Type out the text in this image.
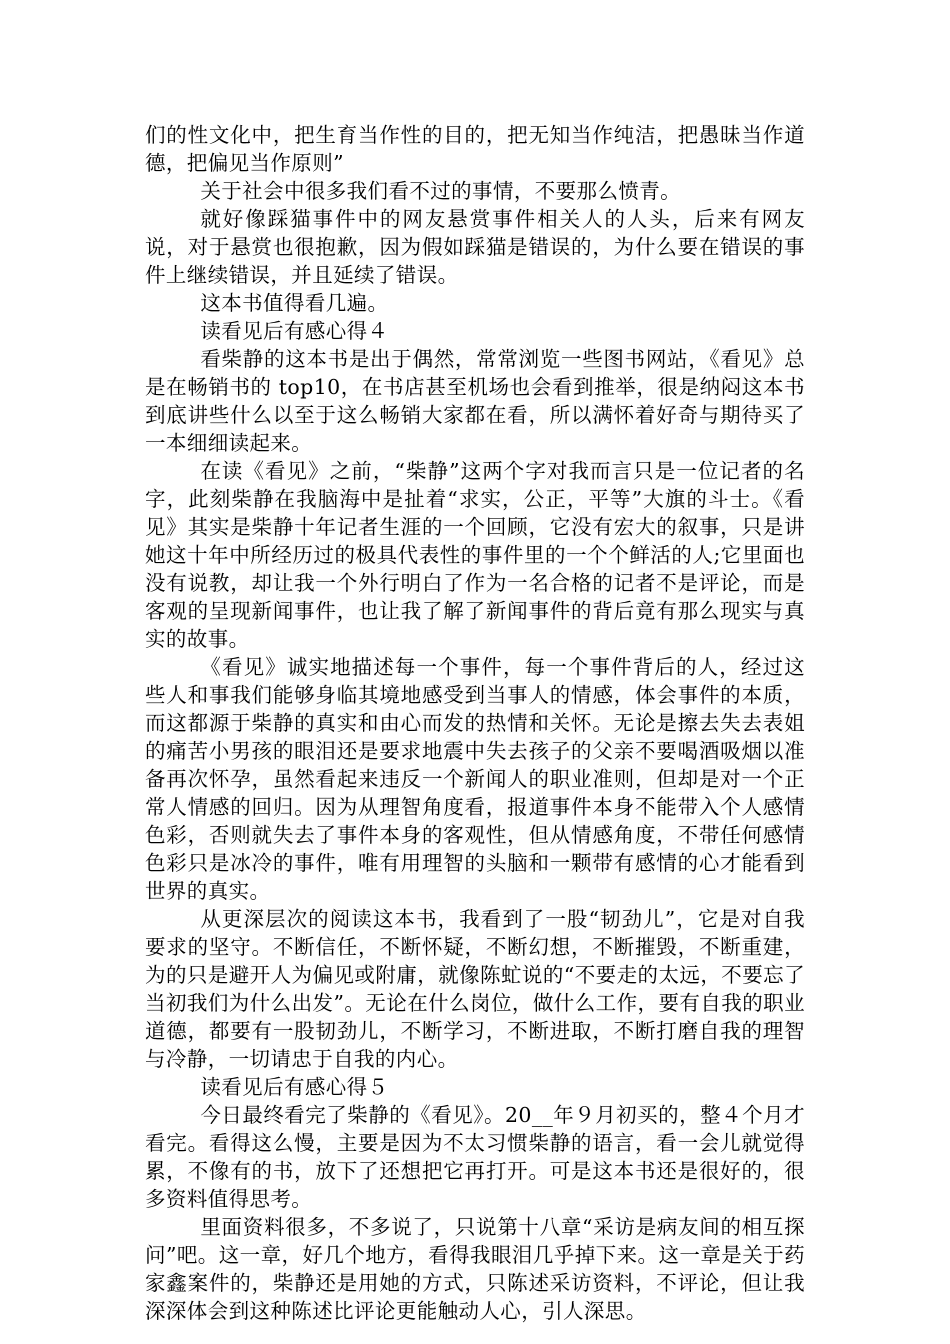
们的性文化中，把生育当作性的目的，把无知当作纯洁，把愚昧当作道德，把偏见当作原则”

关于社会中很多我们看不过的事情，不要那么愤青。

就好像踩猫事件中的网友悬赏事件相关人的人头，后来有网友说，对于悬赏也很抱歉，因为假如踩猫是错误的，为什么要在错误的事件上继续错误，并且延续了错误。

这本书值得看几遍。

读看见后有感心得４

看柴静的这本书是出于偶然，常常浏览一些图书网站，《看见》总是在畅销书的 top10，在书店甚至机场也会看到推举，很是纳闷这本书到底讲些什么以至于这么畅销大家都在看，所以满怀着好奇与期待买了一本细细读起来。

在读《看见》之前，“柴静”这两个字对我而言只是一位记者的名字，此刻柴静在我脑海中是扯着“求实，公正，平等”大旗的斗士。《看见》其实是柴静十年记者生涯的一个回顾，它没有宏大的叙事，只是讲她这十年中所经历过的极具代表性的事件里的一个个鲜活的人;它里面也没有说教，却让我一个外行明白了作为一名合格的记者不是评论，而是客观的呈现新闻事件，也让我了解了新闻事件的背后竟有那么现实与真实的故事。

《看见》诚实地描述每一个事件，每一个事件背后的人，经过这些人和事我们能够身临其境地感受到当事人的情感，体会事件的本质，而这都源于柴静的真实和由心而发的热情和关怀。无论是擦去失去表姐的痛苦小男孩的眼泪还是要求地震中失去孩子的父亲不要喝酒吸烟以准备再次怀孕，虽然看起来违反一个新闻人的职业准则，但却是对一个正常人情感的回归。因为从理智角度看，报道事件本身不能带入个人感情色彩，否则就失去了事件本身的客观性，但从情感角度，不带任何感情色彩只是冰冷的事件，唯有用理智的头脑和一颗带有感情的心才能看到世界的真实。

从更深层次的阅读这本书，我看到了一股“韧劲儿”，它是对自我要求的坚守。不断信任，不断怀疑，不断幻想，不断摧毁，不断重建，为的只是避开人为偏见或附庸，就像陈虻说的“不要走的太远，不要忘了当初我们为什么出发”。无论在什么岗位，做什么工作，要有自我的职业道德，都要有一股韧劲儿，不断学习，不断进取，不断打磨自我的理智与冷静，一切请忠于自我的内心。

读看见后有感心得５

今日最终看完了柴静的《看见》。20__年９月初买的，整４个月才看完。看得这么慢，主要是因为不太习惯柴静的语言，看一会儿就觉得累，不像有的书，放下了还想把它再打开。可是这本书还是很好的，很多资料值得思考。

里面资料很多，不多说了，只说第十八章“采访是病友间的相互探问”吧。这一章，好几个地方，看得我眼泪几乎掉下来。这一章是关于药家鑫案件的，柴静还是用她的方式，只陈述采访资料，不评论，但让我深深体会到这种陈述比评论更能触动人心，引人深思。
